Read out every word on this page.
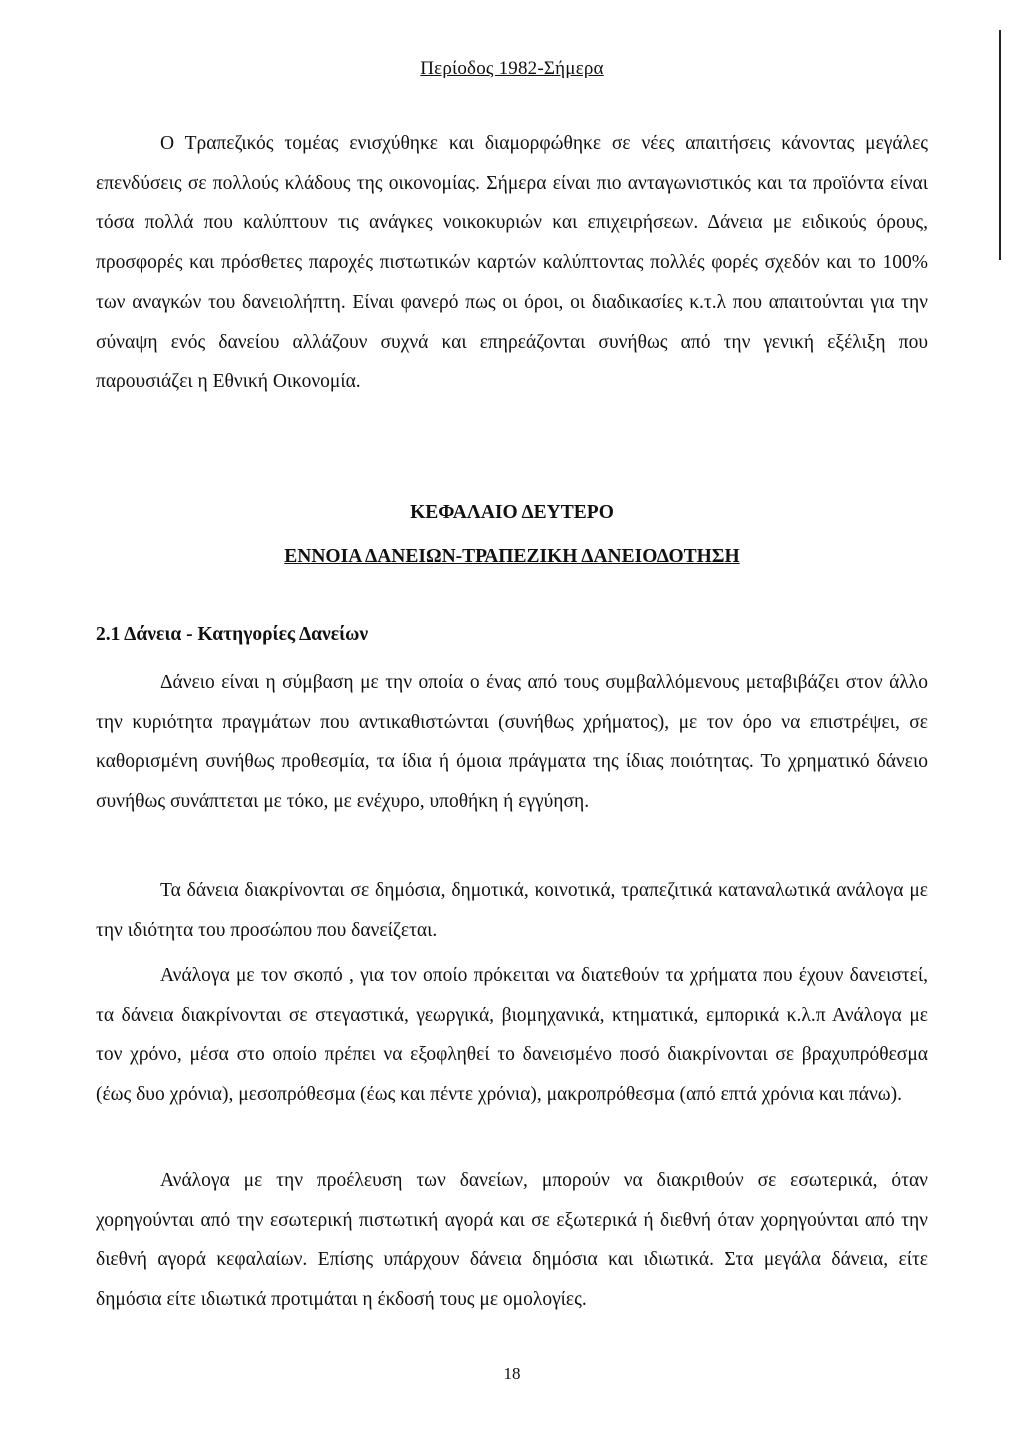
Περίοδος 1982-Σήμερα

Ο Τραπεζικός τομέας ενισχύθηκε και διαμορφώθηκε σε νέες απαιτήσεις κάνοντας μεγάλες επενδύσεις σε πολλούς κλάδους της οικονομίας. Σήμερα είναι πιο ανταγωνιστικός και τα προϊόντα είναι τόσα πολλά που καλύπτουν τις ανάγκες νοικοκυριών και επιχειρήσεων. Δάνεια με ειδικούς όρους, προσφορές και πρόσθετες παροχές πιστωτικών καρτών καλύπτοντας πολλές φορές σχεδόν και το 100% των αναγκών του δανειολήπτη. Είναι φανερό πως οι όροι, οι διαδικασίες κ.τ.λ που απαιτούνται για την σύναψη ενός δανείου αλλάζουν συχνά και επηρεάζονται συνήθως από την γενική εξέλιξη που παρουσιάζει η Εθνική Οικονομία.

ΚΕΦΑΛΑΙΟ ΔΕΥΤΕΡΟ

ΕΝΝΟΙΑ ΔΑΝΕΙΩΝ-ΤΡΑΠΕΖΙΚΗ ΔΑΝΕΙΟΔΟΤΗΣΗ

2.1 Δάνεια - Κατηγορίες Δανείων

Δάνειο είναι η σύμβαση με την οποία ο ένας από τους συμβαλλόμενους μεταβιβάζει στον άλλο την κυριότητα πραγμάτων που αντικαθιστώνται (συνήθως χρήματος), με τον όρο να επιστρέψει, σε καθορισμένη συνήθως προθεσμία, τα ίδια ή όμοια πράγματα της ίδιας ποιότητας. Το χρηματικό δάνειο συνήθως συνάπτεται με τόκο, με ενέχυρο, υποθήκη ή εγγύηση.

Τα δάνεια διακρίνονται σε δημόσια, δημοτικά, κοινοτικά, τραπεζιτικά καταναλωτικά ανάλογα με την ιδιότητα του προσώπου που δανείζεται.

Ανάλογα με τον σκοπό , για τον οποίο πρόκειται να διατεθούν τα χρήματα που έχουν δανειστεί, τα δάνεια διακρίνονται σε στεγαστικά, γεωργικά, βιομηχανικά, κτηματικά, εμπορικά κ.λ.π Ανάλογα με τον χρόνο, μέσα στο οποίο πρέπει να εξοφληθεί το δανεισμένο ποσό διακρίνονται σε βραχυπρόθεσμα (έως δυο χρόνια), μεσοπρόθεσμα (έως και πέντε χρόνια), μακροπρόθεσμα (από επτά χρόνια και πάνω).

Ανάλογα με την προέλευση των δανείων, μπορούν να διακριθούν σε εσωτερικά, όταν χορηγούνται από την εσωτερική πιστωτική αγορά και σε εξωτερικά ή διεθνή όταν χορηγούνται από την διεθνή αγορά κεφαλαίων. Επίσης υπάρχουν δάνεια δημόσια και ιδιωτικά. Στα μεγάλα δάνεια, είτε δημόσια είτε ιδιωτικά προτιμάται η έκδοσή τους με ομολογίες.

18
